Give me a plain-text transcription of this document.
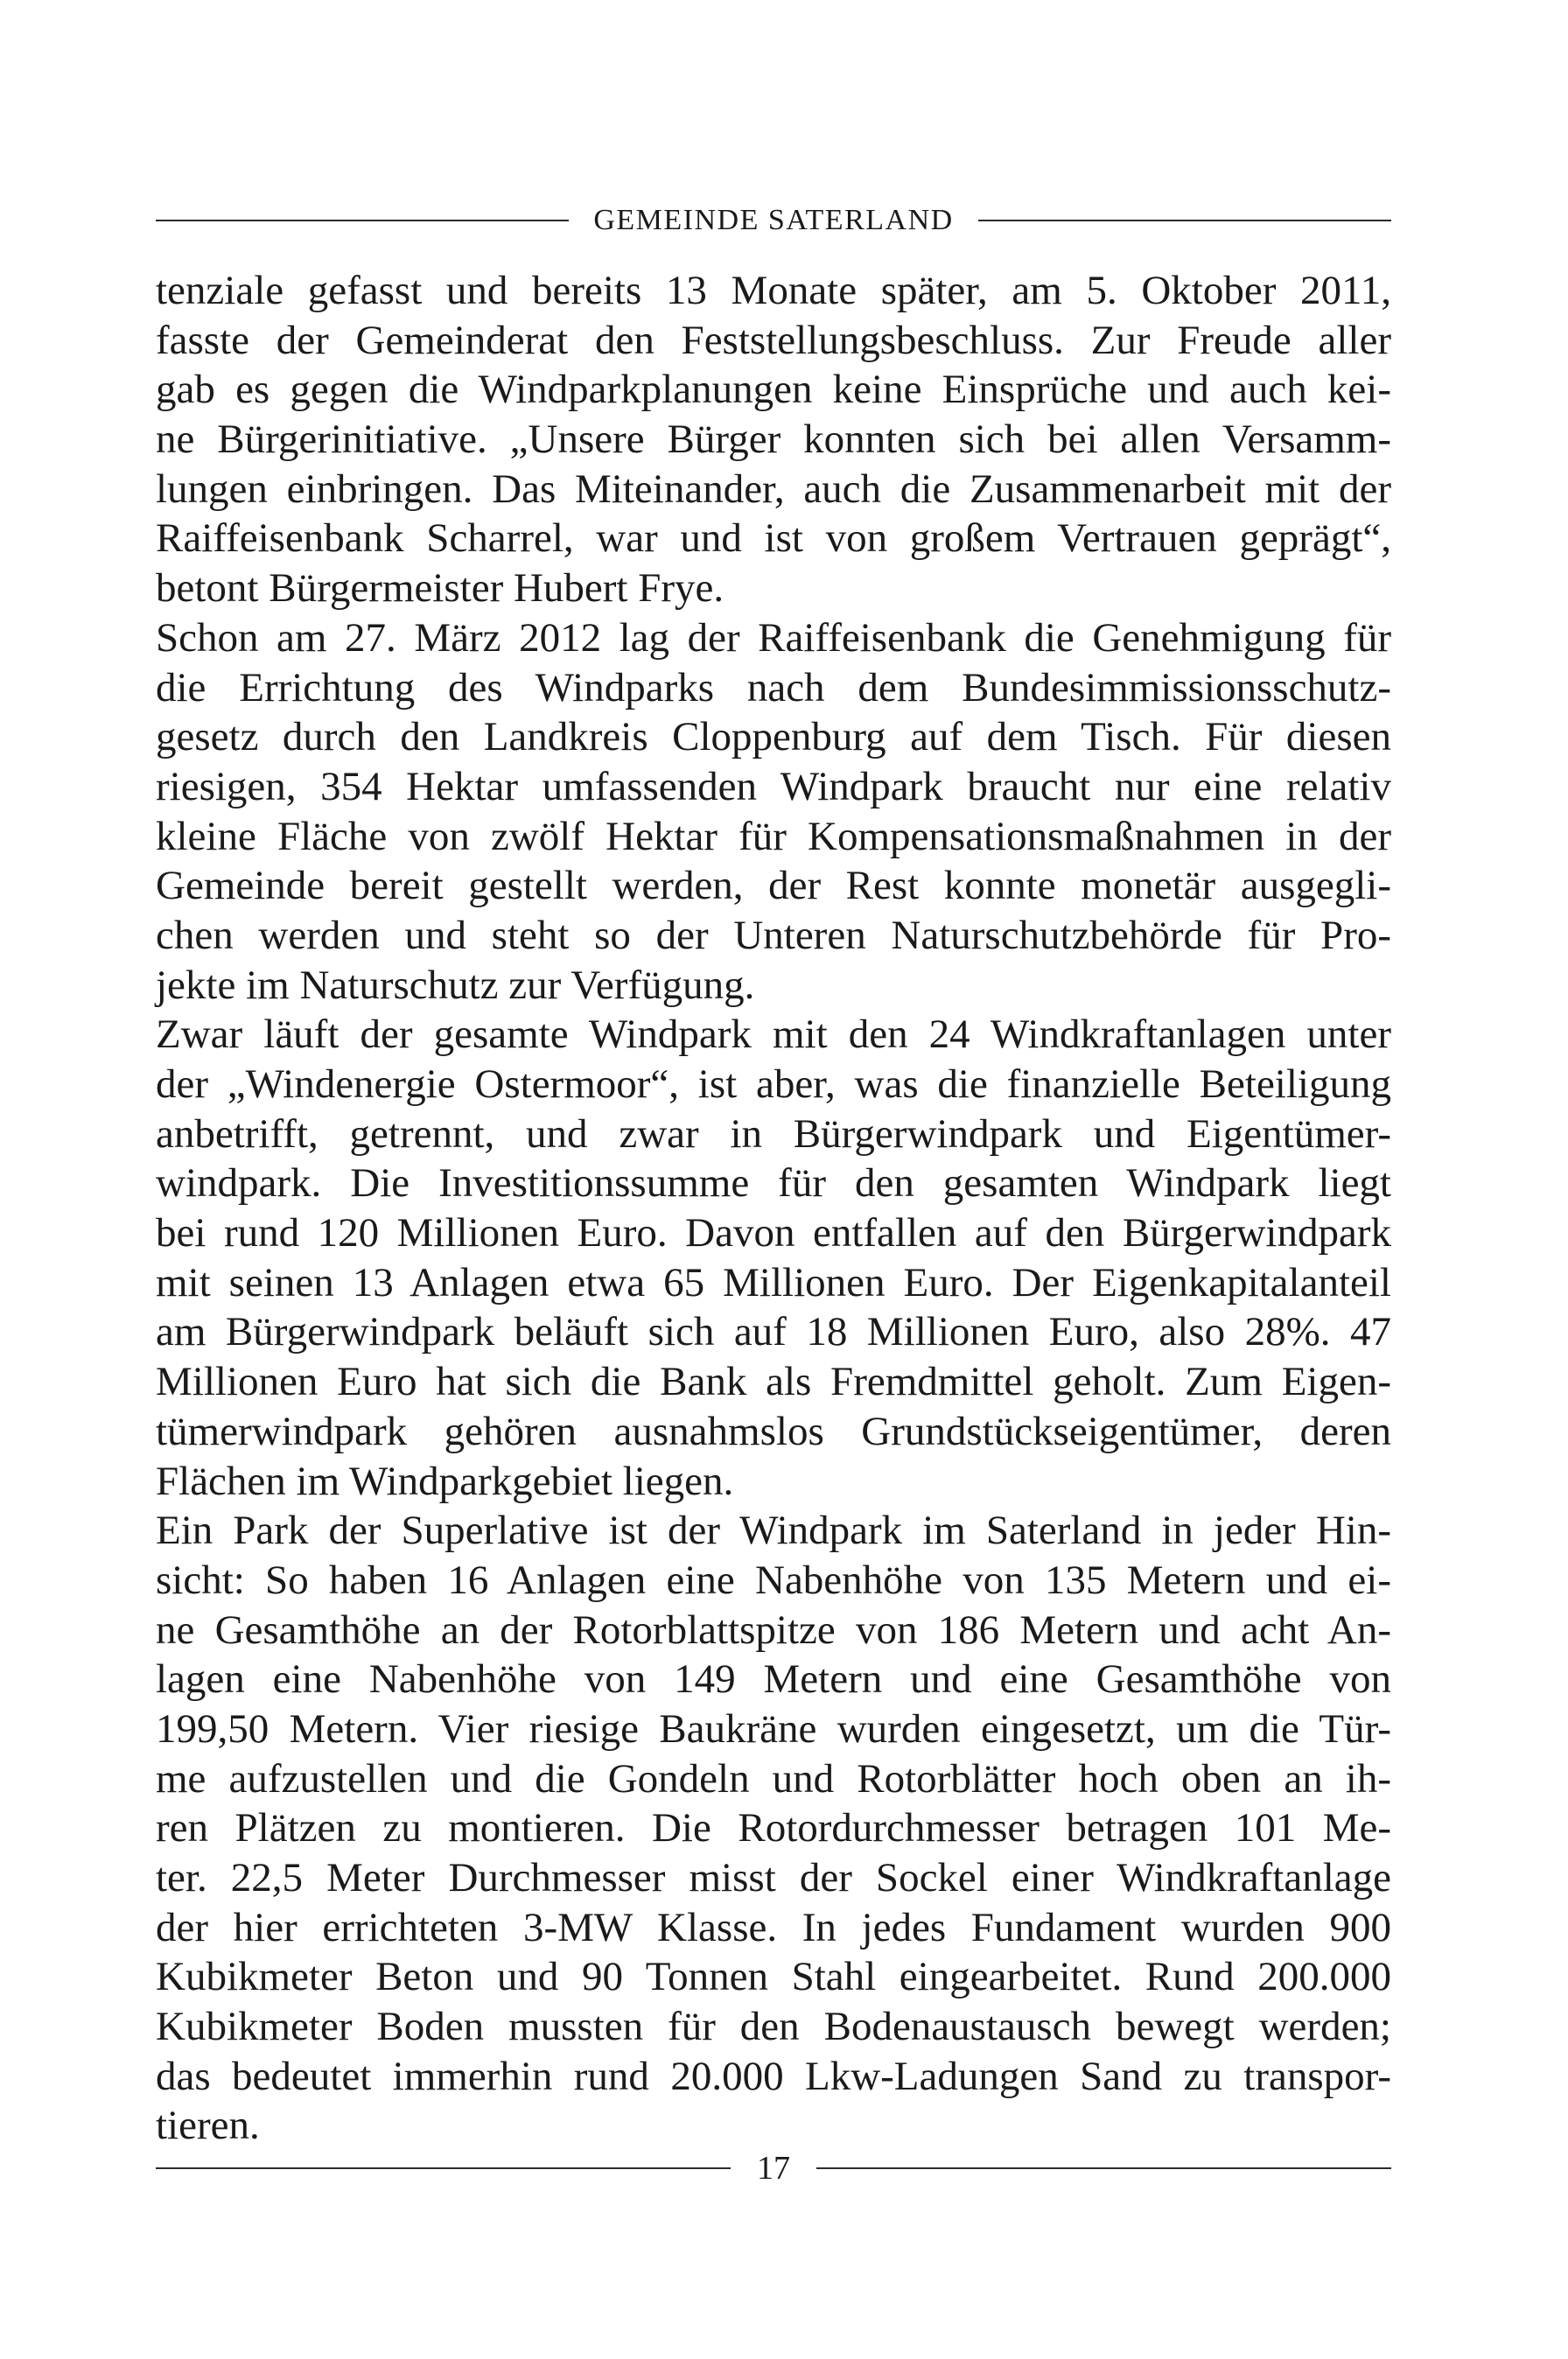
GEMEINDE SATERLAND
tenziale gefasst und bereits 13 Monate später, am 5. Oktober 2011,
fasste der Gemeinderat den Feststellungsbeschluss. Zur Freude aller
gab es gegen die Windparkplanungen keine Einsprüche und auch kei-
ne Bürgerinitiative. „Unsere Bürger konnten sich bei allen Versamm-
lungen einbringen. Das Miteinander, auch die Zusammenarbeit mit der
Raiffeisenbank Scharrel, war und ist von großem Vertrauen geprägt“,
betont Bürgermeister Hubert Frye.
Schon am 27. März 2012 lag der Raiffeisenbank die Genehmigung für
die Errichtung des Windparks nach dem Bundesimmissionsschutz-
gesetz durch den Landkreis Cloppenburg auf dem Tisch. Für diesen
riesigen, 354 Hektar umfassenden Windpark braucht nur eine relativ
kleine Fläche von zwölf Hektar für Kompensationsmaßnahmen in der
Gemeinde bereit gestellt werden, der Rest konnte monetär ausgegli-
chen werden und steht so der Unteren Naturschutzbehörde für Pro-
jekte im Naturschutz zur Verfügung.
Zwar läuft der gesamte Windpark mit den 24 Windkraftanlagen unter
der „Windenergie Ostermoor“, ist aber, was die finanzielle Beteiligung
anbetrifft, getrennt, und zwar in Bürgerwindpark und Eigentümer-
windpark. Die Investitionssumme für den gesamten Windpark liegt
bei rund 120 Millionen Euro. Davon entfallen auf den Bürgerwindpark
mit seinen 13 Anlagen etwa 65 Millionen Euro. Der Eigenkapitalanteil
am Bürgerwindpark beläuft sich auf 18 Millionen Euro, also 28%. 47
Millionen Euro hat sich die Bank als Fremdmittel geholt. Zum Eigen-
tümerwindpark gehören ausnahmslos Grundstückseigentümer, deren
Flächen im Windparkgebiet liegen.
Ein Park der Superlative ist der Windpark im Saterland in jeder Hin-
sicht: So haben 16 Anlagen eine Nabenhöhe von 135 Metern und ei-
ne Gesamthöhe an der Rotorblattspitze von 186 Metern und acht An-
lagen eine Nabenhöhe von 149 Metern und eine Gesamthöhe von
199,50 Metern. Vier riesige Baukräne wurden eingesetzt, um die Tür-
me aufzustellen und die Gondeln und Rotorblätter hoch oben an ih-
ren Plätzen zu montieren. Die Rotordurchmesser betragen 101 Me-
ter. 22,5 Meter Durchmesser misst der Sockel einer Windkraftanlage
der hier errichteten 3-MW Klasse. In jedes Fundament wurden 900
Kubikmeter Beton und 90 Tonnen Stahl eingearbeitet. Rund 200.000
Kubikmeter Boden mussten für den Bodenaustausch bewegt werden;
das bedeutet immerhin rund 20.000 Lkw-Ladungen Sand zu transpor-
tieren.
17
